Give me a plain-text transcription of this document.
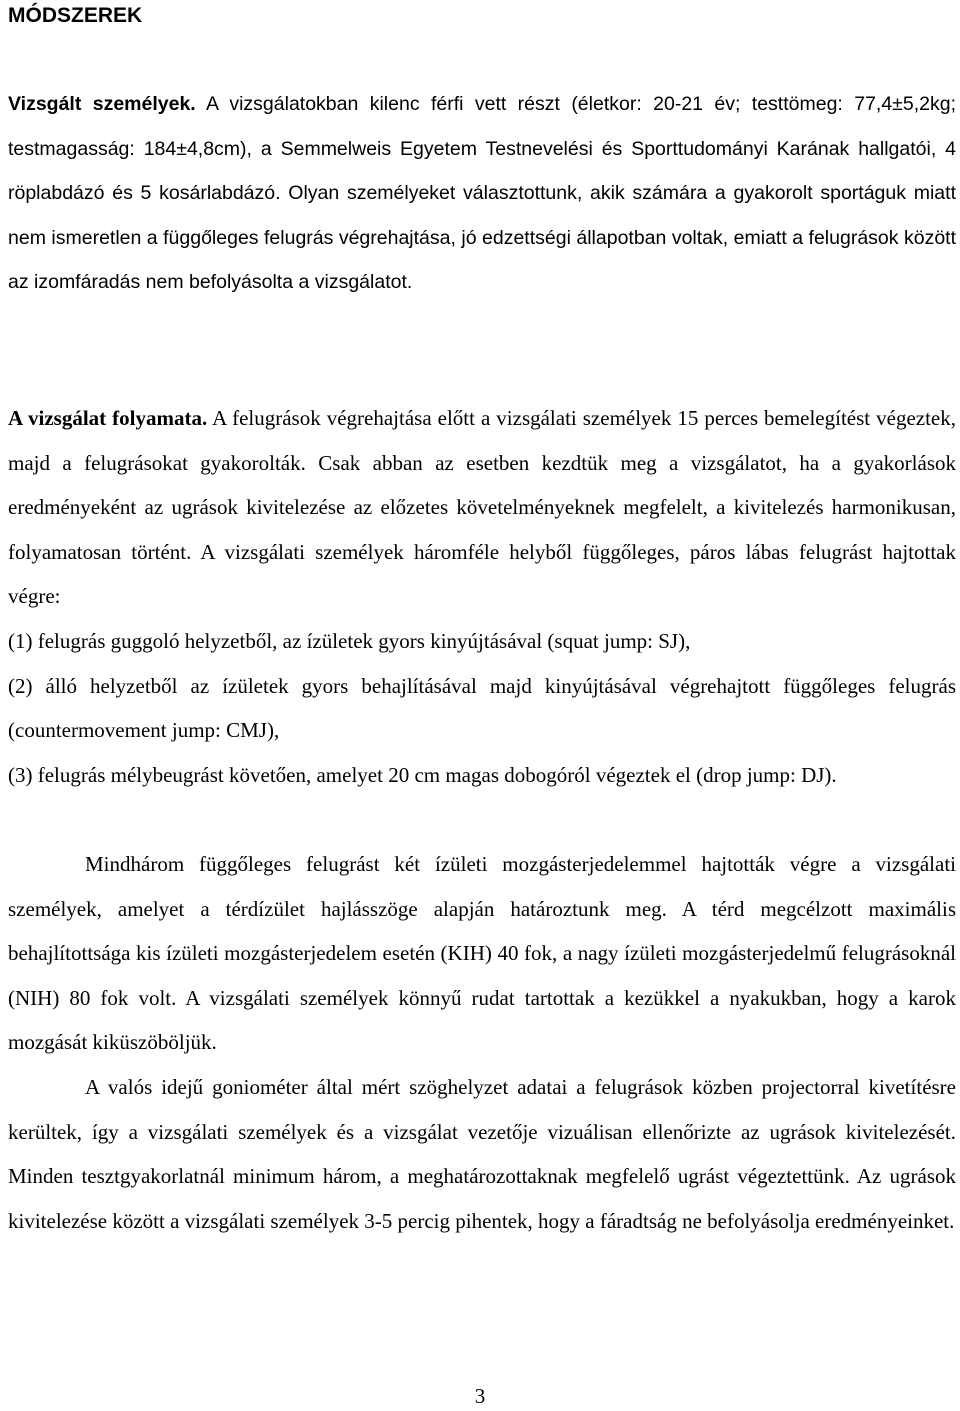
MÓDSZEREK

Vizsgált személyek. A vizsgálatokban kilenc férfi vett részt (életkor: 20-21 év; testtömeg: 77,4±5,2kg; testmagasság: 184±4,8cm), a Semmelweis Egyetem Testnevelési és Sporttudományi Karának hallgatói, 4 röplabdázó és 5 kosárlabdázó. Olyan személyeket választottunk, akik számára a gyakorolt sportáguk miatt nem ismeretlen a függőleges felugrás végrehajtása, jó edzettségi állapotban voltak, emiatt a felugrások között az izomfáradás nem befolyásolta a vizsgálatot.

A vizsgálat folyamata. A felugrások végrehajtása előtt a vizsgálati személyek 15 perces bemelegítést végeztek, majd a felugrásokat gyakorolták. Csak abban az esetben kezdtük meg a vizsgálatot, ha a gyakorlások eredményeként az ugrások kivitelezése az előzetes követelményeknek megfelelt, a kivitelezés harmonikusan, folyamatosan történt. A vizsgálati személyek háromféle helyből függőleges, páros lábas felugrást hajtottak végre:
(1) felugrás guggoló helyzetből, az ízületek gyors kinyújtásával (squat jump: SJ),
(2) álló helyzetből az ízületek gyors behajlításával majd kinyújtásával végrehajtott függőleges felugrás (countermovement jump: CMJ),
(3) felugrás mélybeugrást követően, amelyet 20 cm magas dobogóról végeztek el (drop jump: DJ).

Mindhárom függőleges felugrást két ízületi mozgásterjedelemmel hajtották végre a vizsgálati személyek, amelyet a térdízület hajlásszöge alapján határoztunk meg. A térd megcélzott maximális behajlítottsága kis ízületi mozgásterjedelem esetén (KIH) 40 fok, a nagy ízületi mozgásterjedelmű felugrásoknál (NIH) 80 fok volt. A vizsgálati személyek könnyű rudat tartottak a kezükkel a nyakukban, hogy a karok mozgását kiküszöböljük.

A valós idejű goniométer által mért szöghelyzet adatai a felugrások közben projectorral kivetítésre kerültek, így a vizsgálati személyek és a vizsgálat vezetője vizuálisan ellenőrizte az ugrások kivitelezését. Minden tesztgyakorlatnál minimum három, a meghatározottaknak megfelelő ugrást végeztettünk. Az ugrások kivitelezése között a vizsgálati személyek 3-5 percig pihentek, hogy a fáradtság ne befolyásolja eredményeinket.

3
